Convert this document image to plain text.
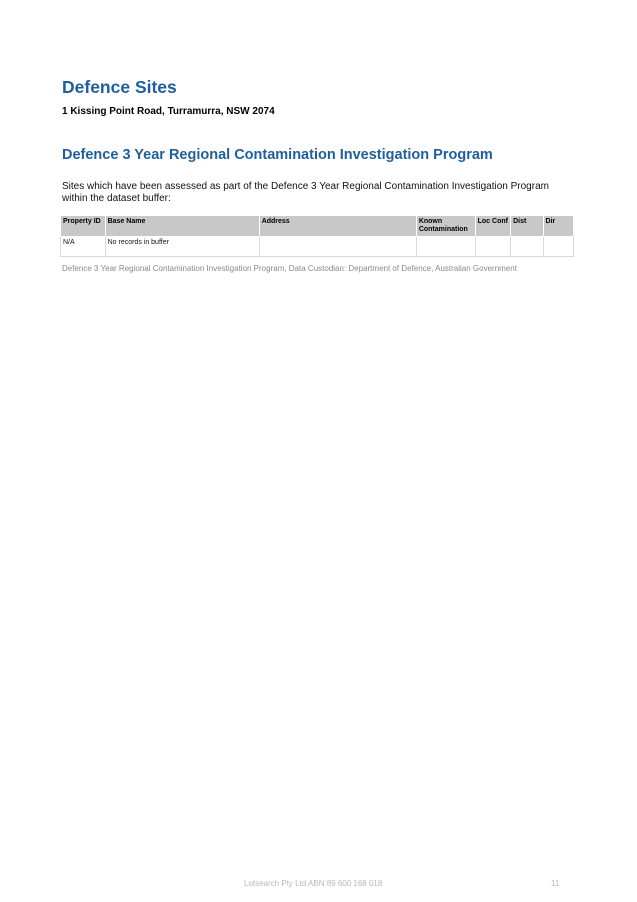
Defence Sites

1 Kissing Point Road, Turramurra, NSW 2074

Defence 3 Year Regional Contamination Investigation Program

Sites which have been assessed as part of the Defence 3 Year Regional Contamination Investigation Program within the dataset buffer:

Property ID	Base Name	Address	Known Contamination	Loc Conf	Dist	Dir
N/A	No records in buffer					

Defence 3 Year Regional Contamination Investigation Program, Data Custodian: Department of Defence, Australian Government

Lotsearch Pty Ltd ABN 89 600 168 018	11
